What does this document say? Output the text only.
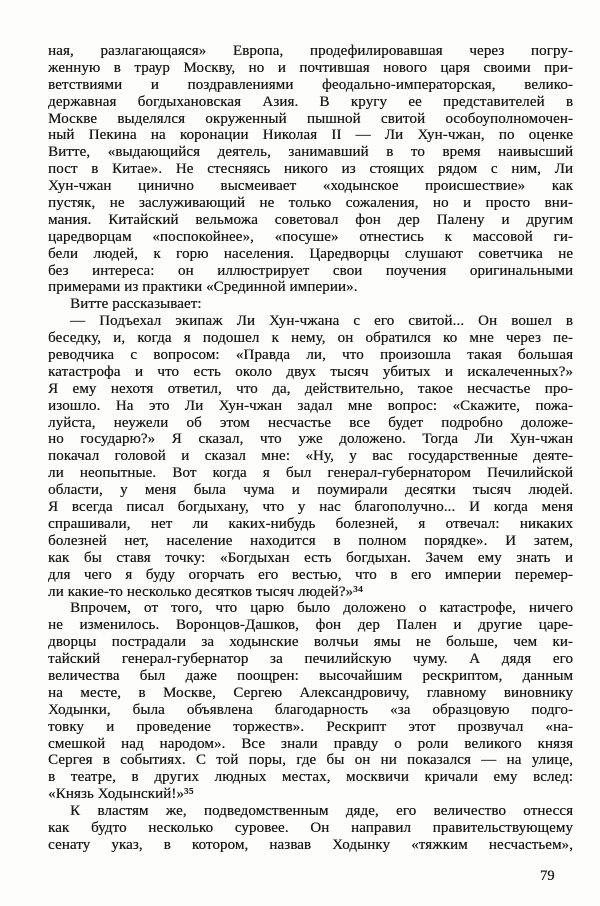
ная, разлагающаяся» Европа, продефилировавшая через погру-
женную в траур Москву, но и почтившая нового царя своими при-
ветствиями и поздравлениями феодально-императорская, велико-
державная богдыхановская Азия. В кругу ее представителей в
Москве выделялся окруженный пышной свитой особоуполномочен-
ный Пекина на коронации Николая II — Ли Хун-чжан, по оценке
Витте, «выдающийся деятель, занимавший в то время наивысший
пост в Китае». Не стесняясь никого из стоящих рядом с ним, Ли
Хун-чжан цинично высмеивает «ходынское происшествие» как
пустяк, не заслуживающий не только сожаления, но и просто вни-
мания. Китайский вельможа советовал фон дер Палену и другим
царедворцам «поспокойнее», «посуше» отнестись к массовой ги-
бели людей, к горю населения. Царедворцы слушают советчика не
без интереса: он иллюстрирует свои поучения оригинальными
примерами из практики «Срединной империи».
Витте рассказывает:
— Подъехал экипаж Ли Хун-чжана с его свитой... Он вошел в
беседку, и, когда я подошел к нему, он обратился ко мне через пе-
реводчика с вопросом: «Правда ли, что произошла такая большая
катастрофа и что есть около двух тысяч убитых и искалеченных?»
Я ему нехотя ответил, что да, действительно, такое несчастье про-
изошло. На это Ли Хун-чжан задал мне вопрос: «Скажите, пожа-
луйста, неужели об этом несчастье все будет подробно доложе-
но государю?» Я сказал, что уже доложено. Тогда Ли Хун-чжан
покачал головой и сказал мне: «Ну, у вас государственные деяте-
ли неопытные. Вот когда я был генерал-губернатором Печилийской
области, у меня была чума и поумирали десятки тысяч людей.
Я всегда писал богдыхану, что у нас благополучно... И когда меня
спрашивали, нет ли каких-нибудь болезней, я отвечал: никаких
болезней нет, население находится в полном порядке». И затем,
как бы ставя точку: «Богдыхан есть богдыхан. Зачем ему знать и
для чего я буду огорчать его вестью, что в его империи перемер-
ли какие-то несколько десятков тысяч людей?»³⁴
Впрочем, от того, что царю было доложено о катастрофе, ничего
не изменилось. Воронцов-Дашков, фон дер Пален и другие царе-
дворцы пострадали за ходынские волчьи ямы не больше, чем ки-
тайский генерал-губернатор за печилийскую чуму. А дядя его
величества был даже поощрен: высочайшим рескриптом, данным
на месте, в Москве, Сергею Александровичу, главному виновнику
Ходынки, была объявлена благодарность «за образцовую подго-
товку и проведение торжеств». Рескрипт этот прозвучал «на-
смешкой над народом». Все знали правду о роли великого князя
Сергея в событиях. С той поры, где бы он ни показался — на улице,
в театре, в других людных местах, москвичи кричали ему вслед:
«Князь Ходынский!»³⁵
К властям же, подведомственным дяде, его величество отнесся
как будто несколько суровее. Он направил правительствующему
сенату указ, в котором, назвав Ходынку «тяжким несчастьем»,
79
